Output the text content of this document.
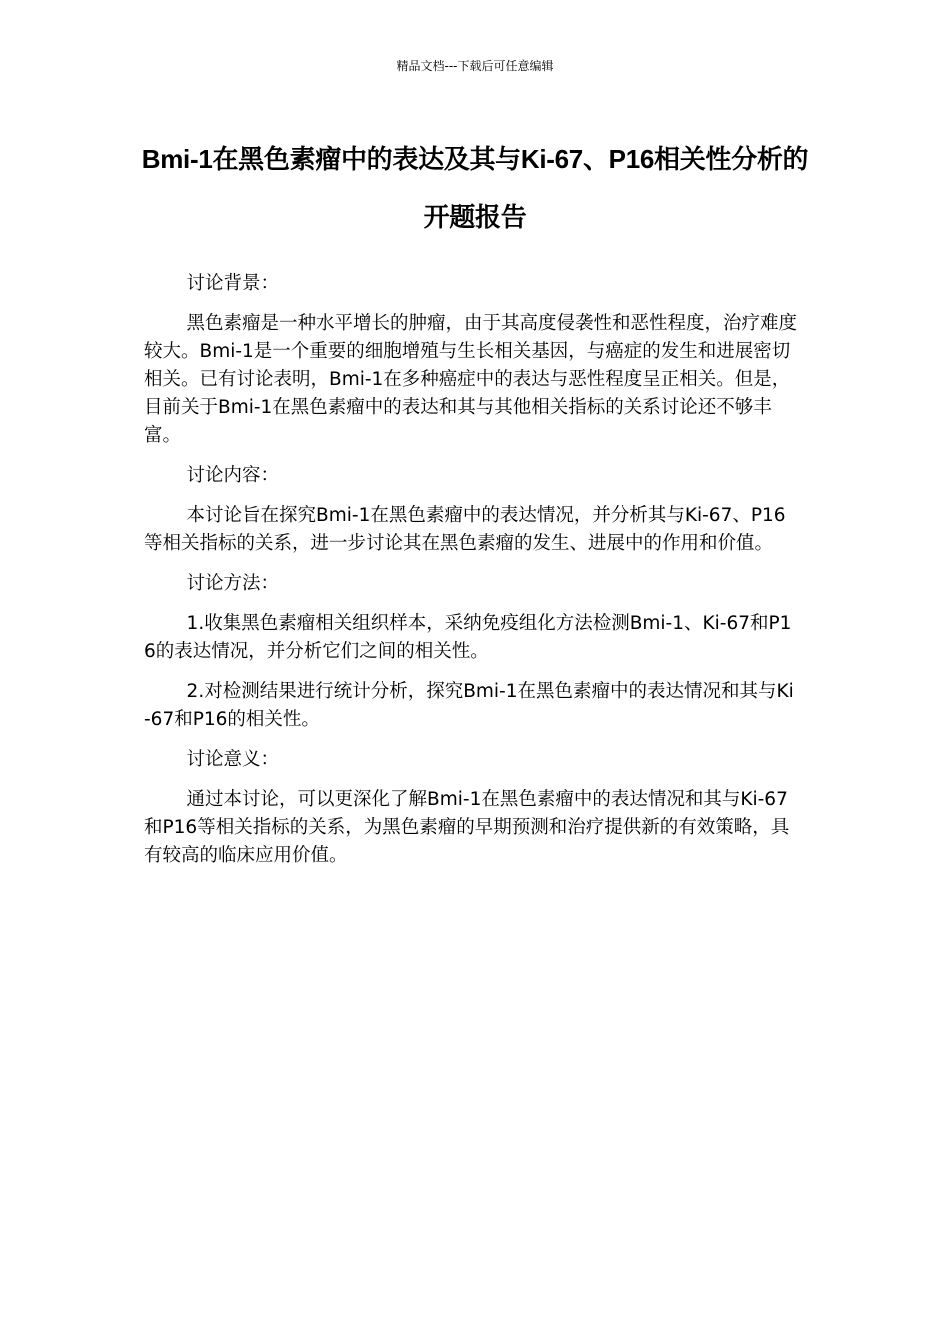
精品文档---下载后可任意编辑
Bmi-1在黑色素瘤中的表达及其与Ki-67、P16相关性分析的开题报告

讨论背景：

黑色素瘤是一种水平增长的肿瘤，由于其高度侵袭性和恶性程度，治疗难度较大。Bmi-1是一个重要的细胞增殖与生长相关基因，与癌症的发生和进展密切相关。已有讨论表明，Bmi-1在多种癌症中的表达与恶性程度呈正相关。但是，目前关于Bmi-1在黑色素瘤中的表达和其与其他相关指标的关系讨论还不够丰富。

讨论内容：

本讨论旨在探究Bmi-1在黑色素瘤中的表达情况，并分析其与Ki-67、P16等相关指标的关系，进一步讨论其在黑色素瘤的发生、进展中的作用和价值。

讨论方法：

1.收集黑色素瘤相关组织样本，采纳免疫组化方法检测Bmi-1、Ki-67和P16的表达情况，并分析它们之间的相关性。

2.对检测结果进行统计分析，探究Bmi-1在黑色素瘤中的表达情况和其与Ki-67和P16的相关性。

讨论意义：

通过本讨论，可以更深化了解Bmi-1在黑色素瘤中的表达情况和其与Ki-67和P16等相关指标的关系，为黑色素瘤的早期预测和治疗提供新的有效策略，具有较高的临床应用价值。
